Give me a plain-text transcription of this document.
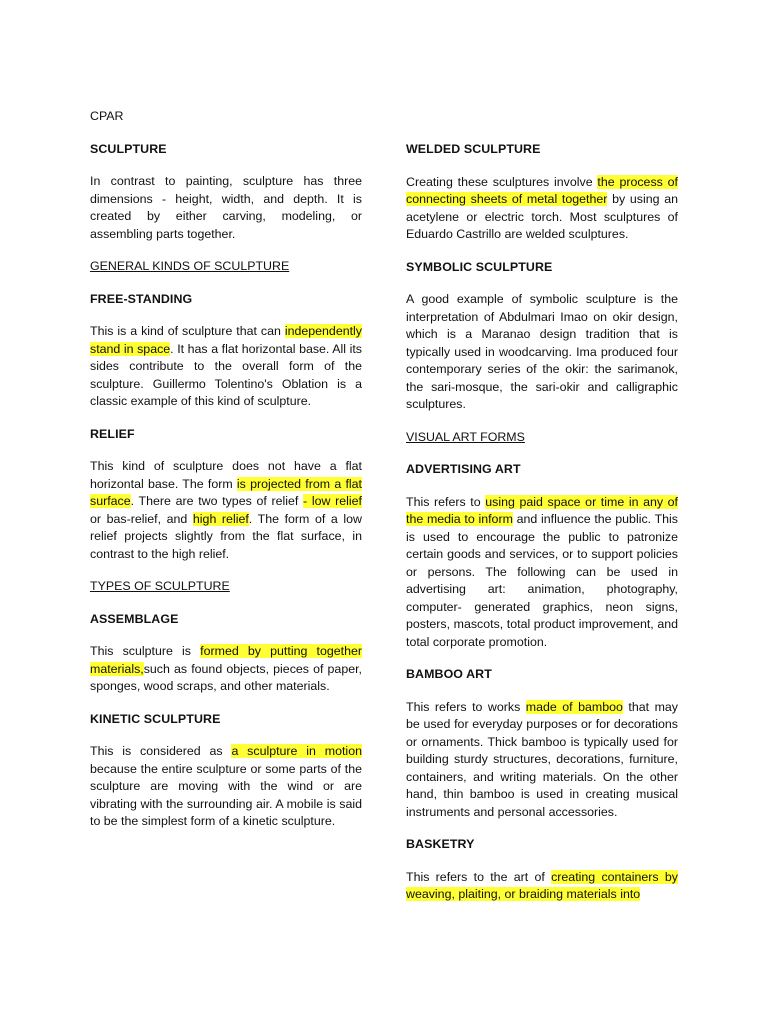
CPAR
SCULPTURE

In contrast to painting, sculpture has three dimensions - height, width, and depth. It is created by either carving, modeling, or assembling parts together.

GENERAL KINDS OF SCULPTURE
FREE-STANDING

This is a kind of sculpture that can independently stand in space. It has a flat horizontal base. All its sides contribute to the overall form of the sculpture. Guillermo Tolentino's Oblation is a classic example of this kind of sculpture.

RELIEF

This kind of sculpture does not have a flat horizontal base. The form is projected from a flat surface. There are two types of relief - low relief or bas-relief, and high relief. The form of a low relief projects slightly from the flat surface, in contrast to the high relief.

TYPES OF SCULPTURE
ASSEMBLAGE

This sculpture is formed by putting together materials,such as found objects, pieces of paper, sponges, wood scraps, and other materials.

KINETIC SCULPTURE

This is considered as a sculpture in motion because the entire sculpture or some parts of the sculpture are moving with the wind or are vibrating with the surrounding air. A mobile is said to be the simplest form of a kinetic sculpture.

WELDED SCULPTURE

Creating these sculptures involve the process of connecting sheets of metal together by using an acetylene or electric torch. Most sculptures of Eduardo Castrillo are welded sculptures.

SYMBOLIC SCULPTURE

A good example of symbolic sculpture is the interpretation of Abdulmari Imao on okir design, which is a Maranao design tradition that is typically used in woodcarving. Ima produced four contemporary series of the okir: the sarimanok, the sari-mosque, the sari-okir and calligraphic sculptures.

VISUAL ART FORMS
ADVERTISING ART

This refers to using paid space or time in any of the media to inform and influence the public. This is used to encourage the public to patronize certain goods and services, or to support policies or persons. The following can be used in advertising art: animation, photography, computer- generated graphics, neon signs, posters, mascots, total product improvement, and total corporate promotion.

BAMBOO ART

This refers to works made of bamboo that may be used for everyday purposes or for decorations or ornaments. Thick bamboo is typically used for building sturdy structures, decorations, furniture, containers, and writing materials. On the other hand, thin bamboo is used in creating musical instruments and personal accessories.

BASKETRY

This refers to the art of creating containers by weaving, plaiting, or braiding materials into
